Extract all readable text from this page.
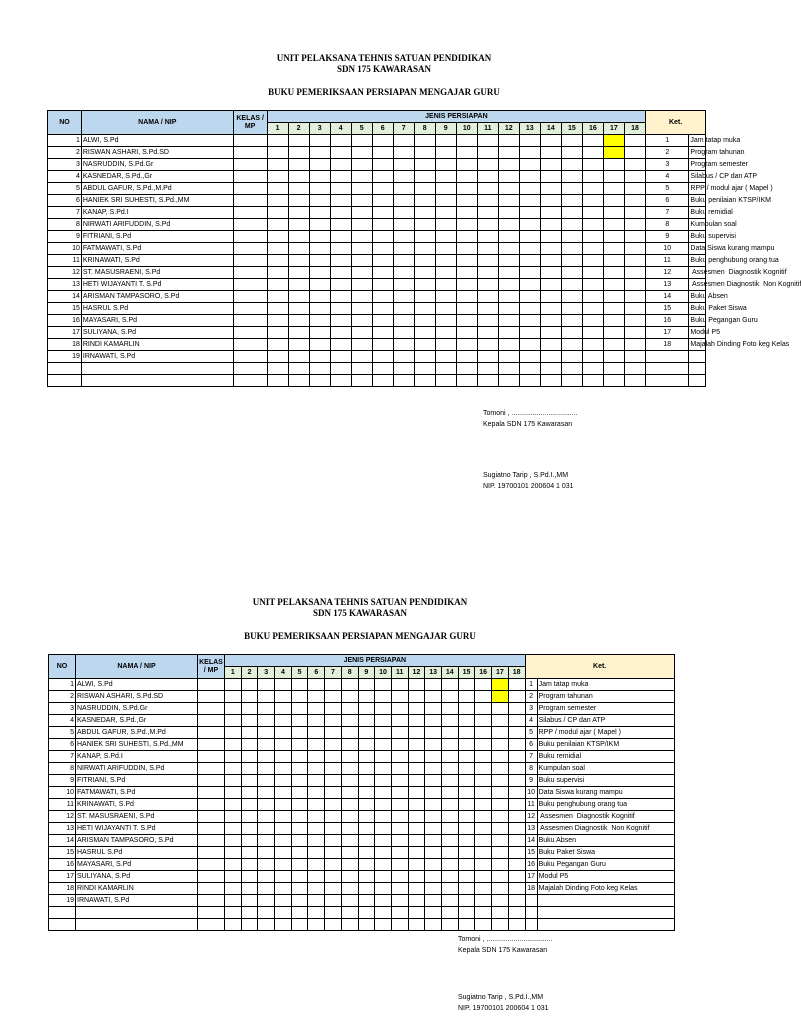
UNIT PELAKSANA TEHNIS SATUAN PENDIDIKAN
SDN 175 KAWARASAN
BUKU PEMERIKSAAN PERSIAPAN MENGAJAR GURU
NO	NAMA / NIP	KELAS / MP	JENIS PERSIAPAN																		Ket.	
			1	2	3	4	5	6	7	8	9	10	11	12	13	14	15	16	17	18		
1	ALWI, S.Pd																				1	Jam tatap muka
2	RISWAN ASHARI, S.Pd.SD																				2	Program tahunan
3	NASRUDDIN, S.Pd.Gr																				3	Program semester
4	KASNEDAR, S.Pd.,Gr																				4	Silabus / CP dan ATP
5	ABDUL GAFUR, S.Pd.,M.Pd																				5	RPP / modul ajar ( Mapel )
6	HANIEK SRI SUHESTI, S.Pd.,MM																				6	Buku penilaian KTSP/IKM
7	KANAP, S.Pd.I																				7	Buku remidial
8	NIRWATI ARIFUDDIN, S.Pd																				8	Kumpulan soal
9	FITRIANI, S.Pd																				9	Buku supervisi
10	FATMAWATI, S.Pd																				10	Data Siswa kurang mampu
11	KRINAWATI, S.Pd																				11	Buku penghubung orang tua
12	ST. MASUSRAENI, S.Pd																				12	Assesmen  Diagnostik Kognitif
13	HETI WIJAYANTI T. S.Pd																				13	Assesmen Diagnostik  Non Kognitif
14	ARISMAN TAMPASORO, S.Pd																				14	Buku Absen
15	HASRUL S.Pd																				15	Buku Paket Siswa
16	MAYASARI, S.Pd																				16	Buku Pegangan Guru
17	SULIYANA, S.Pd																				17	Modul P5
18	RINDI KAMARLIN																				18	Majalah Dinding Foto keg Kelas
19	IRNAWATI, S.Pd																					

Tomoni , ..................................
Kepala SDN 175 Kawarasan
Sugiatno Tarip , S.Pd.I.,MM
NIP. 19700101 200604 1 031
UNIT PELAKSANA TEHNIS SATUAN PENDIDIKAN
SDN 175 KAWARASAN
BUKU PEMERIKSAAN PERSIAPAN MENGAJAR GURU
NO	NAMA / NIP	KELAS / MP	JENIS PERSIAPAN																		Ket.	
			1	2	3	4	5	6	7	8	9	10	11	12	13	14	15	16	17	18		
1	ALWI, S.Pd																				1	Jam tatap muka
2	RISWAN ASHARI, S.Pd.SD																				2	Program tahunan
3	NASRUDDIN, S.Pd.Gr																				3	Program semester
4	KASNEDAR, S.Pd.,Gr																				4	Silabus / CP dan ATP
5	ABDUL GAFUR, S.Pd.,M.Pd																				5	RPP / modul ajar ( Mapel )
6	HANIEK SRI SUHESTI, S.Pd.,MM																				6	Buku penilaian KTSP/IKM
7	KANAP, S.Pd.I																				7	Buku remidial
8	NIRWATI ARIFUDDIN, S.Pd																				8	Kumpulan soal
9	FITRIANI, S.Pd																				9	Buku supervisi
10	FATMAWATI, S.Pd																				10	Data Siswa kurang mampu
11	KRINAWATI, S.Pd																				11	Buku penghubung orang tua
12	ST. MASUSRAENI, S.Pd																				12	Assesmen  Diagnostik Kognitif
13	HETI WIJAYANTI T. S.Pd																				13	Assesmen Diagnostik  Non Kognitif
14	ARISMAN TAMPASORO, S.Pd																				14	Buku Absen
15	HASRUL S.Pd																				15	Buku Paket Siswa
16	MAYASARI, S.Pd																				16	Buku Pegangan Guru
17	SULIYANA, S.Pd																				17	Modul P5
18	RINDI KAMARLIN																				18	Majalah Dinding Foto keg Kelas
19	IRNAWATI, S.Pd																					

Tomoni , ..................................
Kepala SDN 175 Kawarasan
Sugiatno Tarip , S.Pd.I.,MM
NIP. 19700101 200604 1 031
